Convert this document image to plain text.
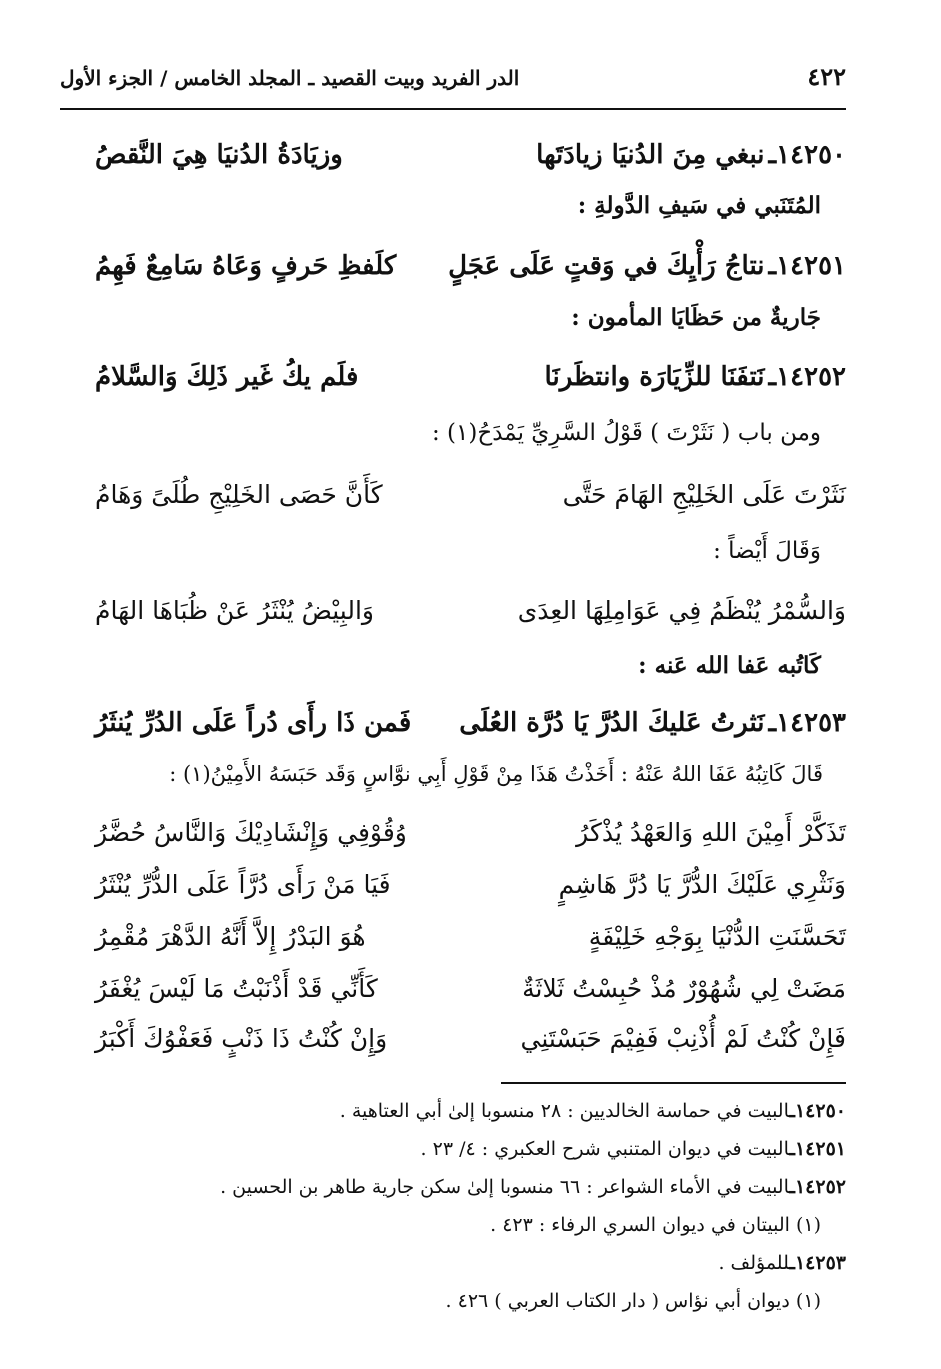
٤٢٢
الدر الفريد وبيت القصيد ـ المجلد الخامس / الجزء الأول
١٤٢٥٠ـ
نبغي مِنَ الدُنيَا زيادَتَها
وزيَادَةُ الدُنيَا هِيَ النَّقصُ
المُتَنَبي في سَيفِ الدَّولةِ :
١٤٢٥١ـ
نتاجُ رَأْيِكَ في وَقتٍ عَلَى عَجَلٍ
كلَفظِ حَرفٍ وَعَاهُ سَامِعٌ فَهِمُ
جَاريةٌ من حَظَايَا المأمون :
١٤٢٥٢ـ
نَتفَنَا للزِّيَارَة وانتظَرنَا
فلَم يكُ غَير ذَلِكَ وَالسَّلامُ
ومن باب ( نَثَرْتَ ) قَوْلُ السَّرِيِّ يَمْدَحُ(١) :
نَثَرْتَ عَلَى الخَلِيْجِ الهَامَ حَتَّى
كَأَنَّ حَصَى الخَلِيْجِ طُلَىً وَهَامُ
وَقَالَ أَيْضاً :
وَالسُّمْرُ يُنْظَمُ فِي عَوَامِلِهَا العِدَى
وَالبِيْضُ يُنْثَرُ عَنْ ظُبَاهَا الهَامُ
كَاتُبه عَفا الله عَنه :
١٤٢٥٣ـ
نَثرتُ عَليكَ الدُرَّ يَا دُرَّة العُلَى
فَمن ذَا رأَى دُراً عَلَى الدُرِّ يُنثَرُ
قَالَ كَاتِبُهُ عَفَا اللهُ عَنْهُ : أَخَذْتُ هَذَا مِنْ قَوْلِ أَبِي نوَّاسٍ وَقَد حَبَسَهُ الأَمِيْنُ(١) :
تَذَكَّرْ أَمِيْنَ اللهِ وَالعَهْدُ يُذْكَرُ
وُقُوْفِي وَإِنْشَادِيْكَ وَالنَّاسُ حُضَّرُ
وَنَثْرِي عَلَيْكَ الدُّرَّ يَا دُرَّ هَاشِمٍ
فَيَا مَنْ رَأَى دُرَّاً عَلَى الدُّرِّ يُنْثَرُ
تَحَسَّنَتِ الدُّنْيَا بِوَجْهِ خَلِيْفَةٍ
هُوَ البَدْرُ إِلاَّ أَنَّهُ الدَّهْرَ مُقْمِرُ
مَضَتْ لِي شُهُوْرٌ مُذْ حُبِسْتُ ثَلاثَةٌ
كَأَنِّي قَدْ أَذْنَبْتُ مَا لَيْسَ يُغْفَرُ
فَإِنْ كُنْتُ لَمْ أُذْنِبْ فَفِيْمَ حَبَسْتَنِي
وَإِنْ كُنْتُ ذَا ذَنْبٍ فَعَفْوُكَ أَكْبَرُ
١٤٢٥٠ـالبيت في حماسة الخالديين : ٢٨ منسوبا إلىٰ أبي العتاهية .
١٤٢٥١ـالبيت في ديوان المتنبي شرح العكبري : ٤/ ٢٣ .
١٤٢٥٢ـالبيت في الأماء الشواعر : ٦٦ منسوبا إلىٰ سكن جارية طاهر بن الحسين .
(١) البيتان في ديوان السري الرفاء : ٤٢٣ .
١٤٢٥٣ـللمؤلف .
(١) ديوان أبي نؤاس ( دار الكتاب العربي ) ٤٢٦ .
